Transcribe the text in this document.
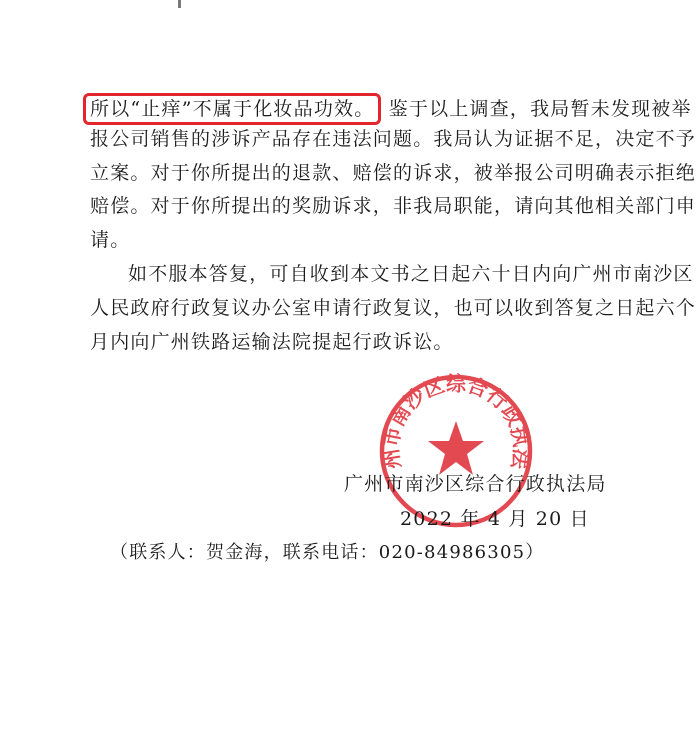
所以“止痒”不属于化妆品功效。 鉴于以上调查，我局暂未发现被举
报公司销售的涉诉产品存在违法问题。我局认为证据不足，决定不予
立案。对于你所提出的退款、赔偿的诉求，被举报公司明确表示拒绝
赔偿。对于你所提出的奖励诉求，非我局职能，请向其他相关部门申
请。
如不服本答复，可自收到本文书之日起六十日内向广州市南沙区
人民政府行政复议办公室申请行政复议，也可以收到答复之日起六个
月内向广州铁路运输法院提起行政诉讼。
广州市南沙区综合行政执法局
广州市南沙区综合行政执法局
2022 年 4 月 20 日
（联系人：贺金海，联系电话：020-84986305）
